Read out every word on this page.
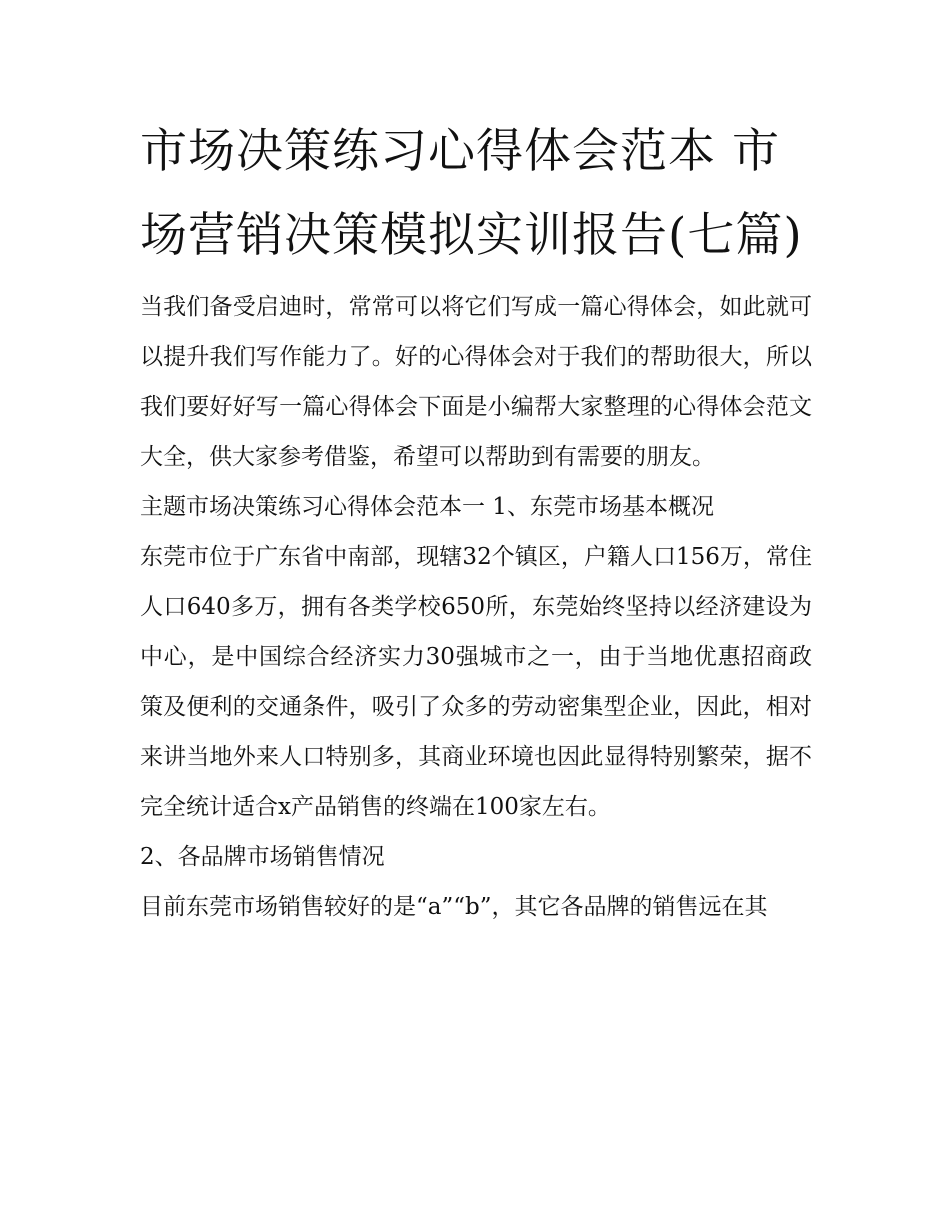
市场决策练习心得体会范本 市场营销决策模拟实训报告(七篇)

当我们备受启迪时，常常可以将它们写成一篇心得体会，如此就可以提升我们写作能力了。好的心得体会对于我们的帮助很大，所以我们要好好写一篇心得体会下面是小编帮大家整理的心得体会范文大全，供大家参考借鉴，希望可以帮助到有需要的朋友。

主题市场决策练习心得体会范本一 1、东莞市场基本概况

东莞市位于广东省中南部，现辖32个镇区，户籍人口156万，常住人口640多万，拥有各类学校650所，东莞始终坚持以经济建设为中心，是中国综合经济实力30强城市之一，由于当地优惠招商政策及便利的交通条件，吸引了众多的劳动密集型企业，因此，相对来讲当地外来人口特别多，其商业环境也因此显得特别繁荣，据不完全统计适合x产品销售的终端在100家左右。

2、各品牌市场销售情况

目前东莞市场销售较好的是“a”“b”，其它各品牌的销售远在其
